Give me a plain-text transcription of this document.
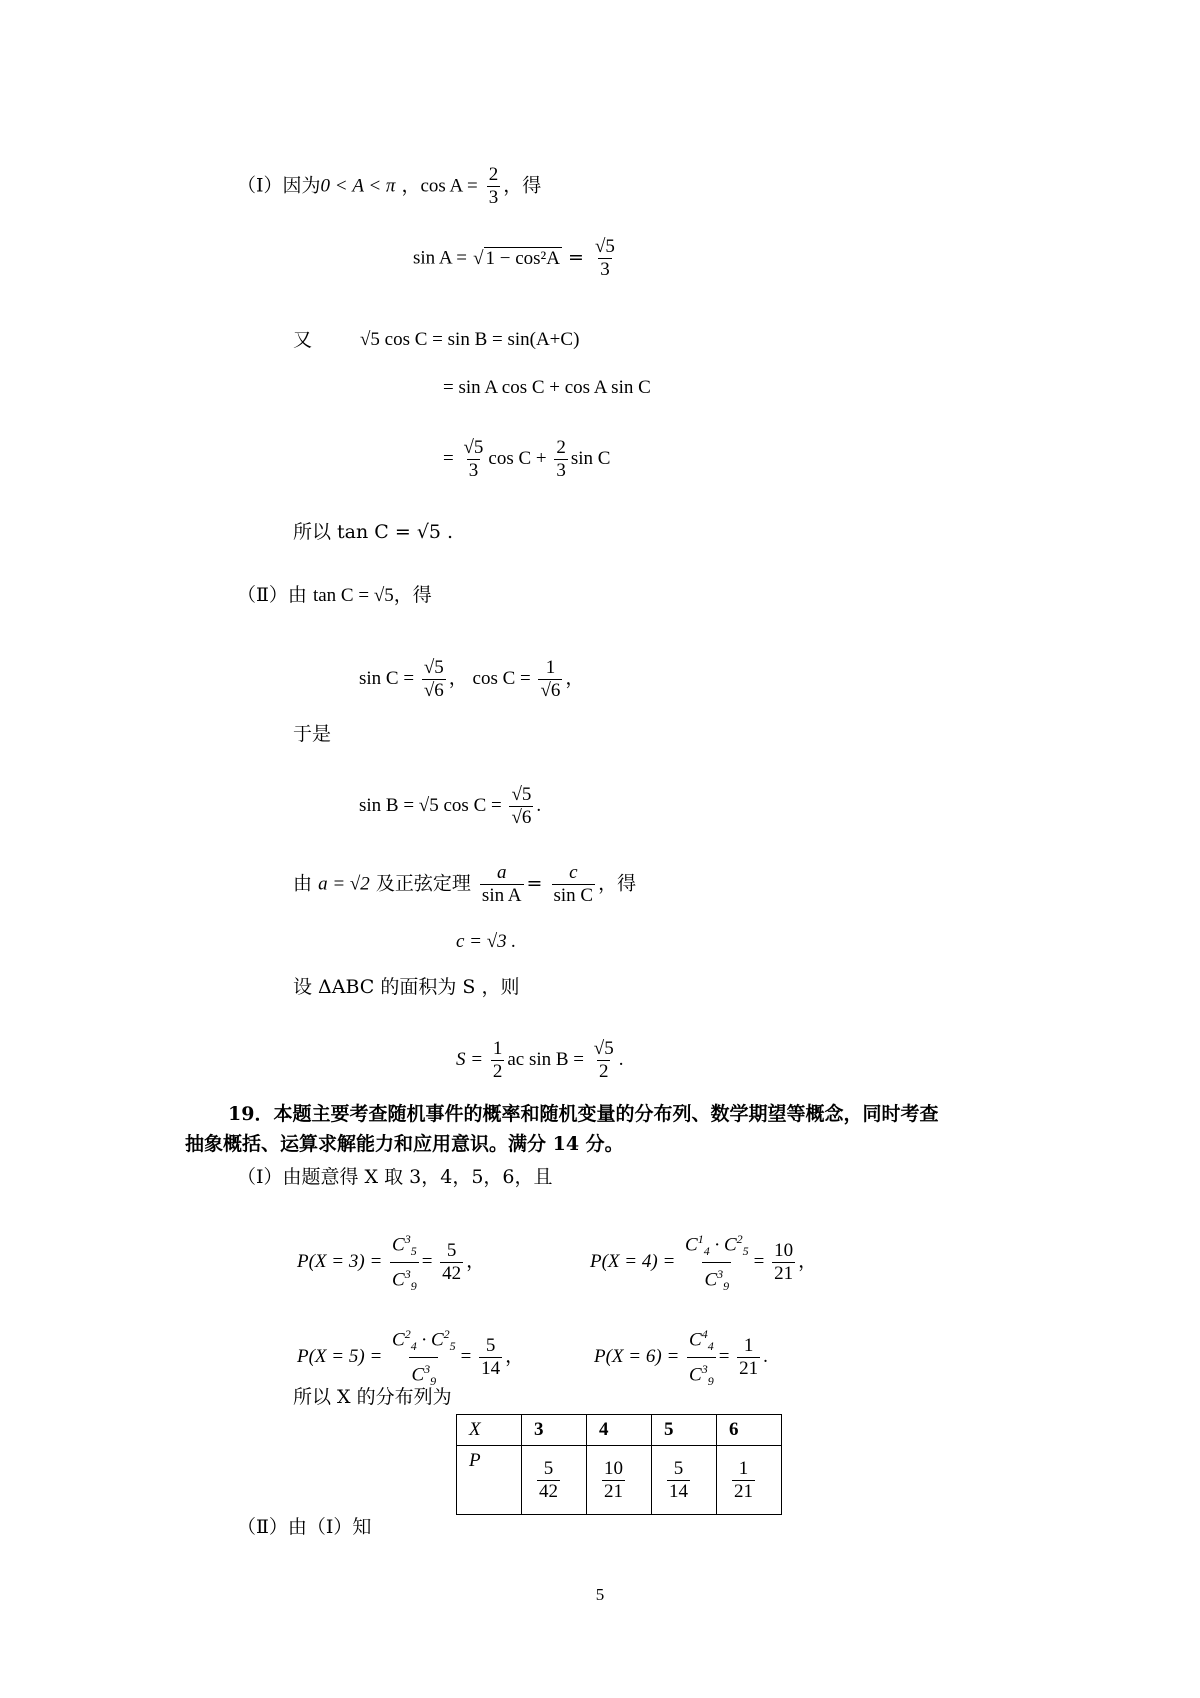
（Ⅰ）因为0 < A < π ，$\cos A = \frac{2}{3}$ ，得
sin A = √ $1 - \cos^2A = \frac{√5}{3}$
又	√5 cos C = sin B = sin(A+C)
= sin A cos C + cos A sin C
= $\frac{√5}{3}$ $\cos C + \frac{2}{3}$ sin C
所以 tan C = √5 .
（Ⅱ）由 tan C = √5，得
$\sin C = \frac{√5}{√6}$ ， $\cos C = \frac{1}{√6}$ ，
于是
sin B = √5 $\cos C = \frac{√5}{√6}$ .
由 a = √2 及正弦定理 $\frac{a}{\text{sin A}} = \frac{c}{\text{sin C}}$ ，得
c = √3 .
设 ΔABC 的面积为 S ，则
$S = \frac{1}{2}$ ac $\sin B = \frac{√5}{2}$ .
19．本题主要考查随机事件的概率和随机变量的分布列、数学期望等概念，同时考查
抽象概括、运算求解能力和应用意识。满分 14 分。
（Ⅰ）由题意得 X 取 3，4，5，6，且
$P(X = 3) = \frac{C^3_5}{C^3_9} = \frac{5}{42}$ ，	$P(X = 4) = \frac{C^1_4 \cdot C^2_5}{C^3_9} = \frac{10}{21}$ ，
$P(X = 5) = \frac{C^2_4 \cdot C^2_5}{C^3_9} = \frac{5}{14}$ ，	$P(X = 6) = \frac{C^4_4}{C^3_9} = \frac{1}{21}$ .
所以 X 的分布列为
X	3	4	5	6
P	$\frac{5}{42}$	$\frac{10}{21}$	$\frac{5}{14}$	$\frac{1}{21}$
（Ⅱ）由（Ⅰ）知
5
